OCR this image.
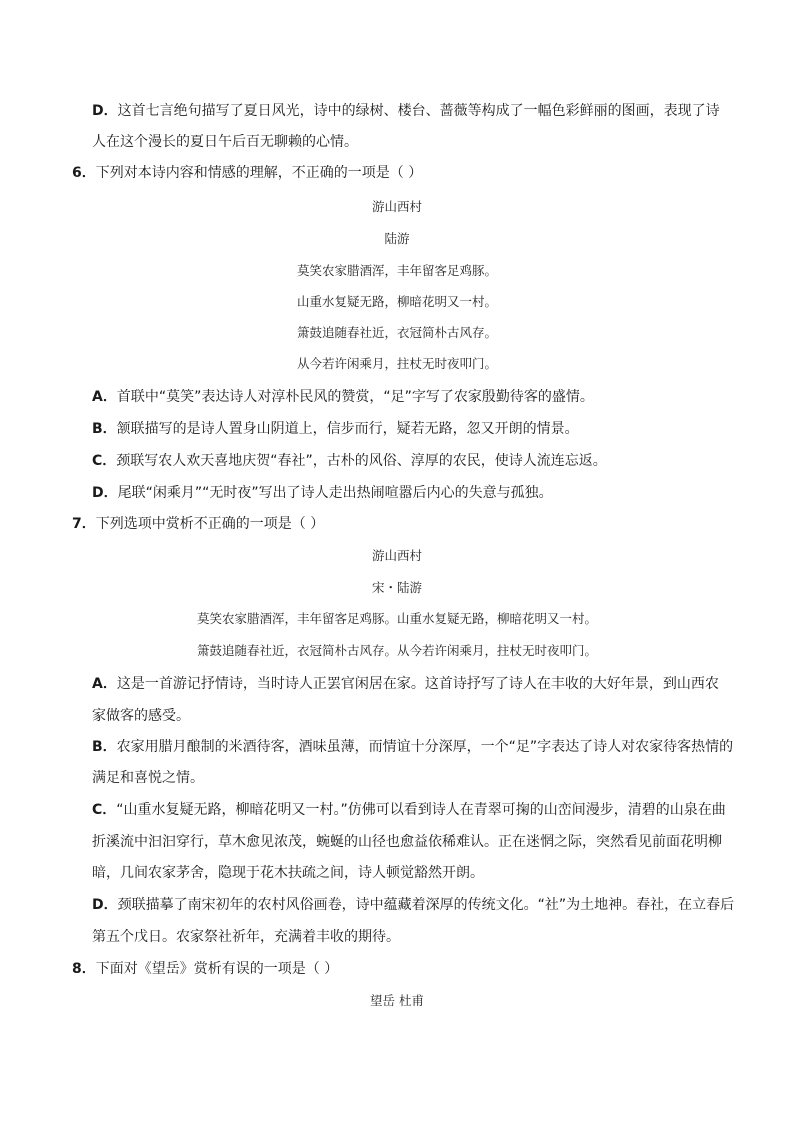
D．这首七言绝句描写了夏日风光，诗中的绿树、楼台、蔷薇等构成了一幅色彩鲜丽的图画，表现了诗
人在这个漫长的夏日午后百无聊赖的心情。
6．下列对本诗内容和情感的理解，不正确的一项是（ ）
游山西村
陆游
莫笑农家腊酒浑，丰年留客足鸡豚。
山重水复疑无路，柳暗花明又一村。
箫鼓追随春社近，衣冠简朴古风存。
从今若许闲乘月，拄杖无时夜叩门。
A．首联中“莫笑”表达诗人对淳朴民风的赞赏，“足”字写了农家殷勤待客的盛情。
B．颔联描写的是诗人置身山阴道上，信步而行，疑若无路，忽又开朗的情景。
C．颈联写农人欢天喜地庆贺“春社”，古朴的风俗、淳厚的农民，使诗人流连忘返。
D．尾联“闲乘月”“无时夜”写出了诗人走出热闹喧嚣后内心的失意与孤独。
7．下列选项中赏析不正确的一项是（ ）
游山西村
宋・陆游
莫笑农家腊酒浑，丰年留客足鸡豚。山重水复疑无路，柳暗花明又一村。
箫鼓追随春社近，衣冠简朴古风存。从今若许闲乘月，拄杖无时夜叩门。
A．这是一首游记抒情诗，当时诗人正罢官闲居在家。这首诗抒写了诗人在丰收的大好年景，到山西农
家做客的感受。
B．农家用腊月酿制的米酒待客，酒味虽薄，而情谊十分深厚，一个“足”字表达了诗人对农家待客热情的
满足和喜悦之情。
C．“山重水复疑无路，柳暗花明又一村。”仿佛可以看到诗人在青翠可掬的山峦间漫步，清碧的山泉在曲
折溪流中汩汩穿行，草木愈见浓茂，蜿蜒的山径也愈益依稀难认。正在迷惘之际，突然看见前面花明柳
暗，几间农家茅舍，隐现于花木扶疏之间，诗人顿觉豁然开朗。
D．颈联描摹了南宋初年的农村风俗画卷，诗中蕴藏着深厚的传统文化。“社”为土地神。春社，在立春后
第五个戊日。农家祭社祈年，充满着丰收的期待。
8．下面对《望岳》赏析有误的一项是（ ）
望岳 杜甫
